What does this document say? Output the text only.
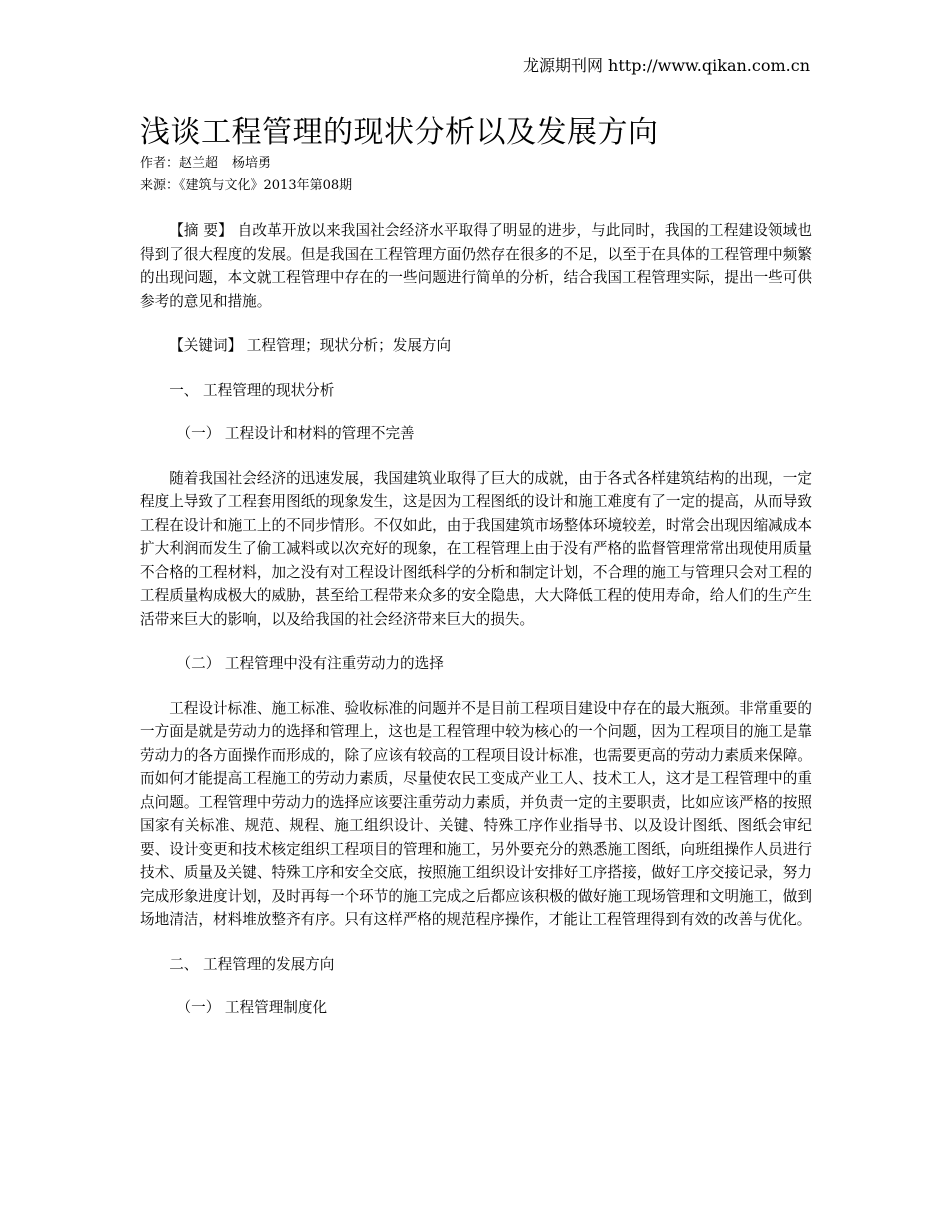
龙源期刊网 http://www.qikan.com.cn
浅谈工程管理的现状分析以及发展方向
作者：赵兰超 杨培勇
来源：《建筑与文化》2013年第08期

【摘 要】 自改革开放以来我国社会经济水平取得了明显的进步，与此同时，我国的工程建设领域也得到了很大程度的发展。但是我国在工程管理方面仍然存在很多的不足，以至于在具体的工程管理中频繁的出现问题，本文就工程管理中存在的一些问题进行简单的分析，结合我国工程管理实际，提出一些可供参考的意见和措施。

【关键词】 工程管理；现状分析；发展方向

一、 工程管理的现状分析

（一） 工程设计和材料的管理不完善

随着我国社会经济的迅速发展，我国建筑业取得了巨大的成就，由于各式各样建筑结构的出现，一定程度上导致了工程套用图纸的现象发生，这是因为工程图纸的设计和施工难度有了一定的提高，从而导致工程在设计和施工上的不同步情形。不仅如此，由于我国建筑市场整体环境较差，时常会出现因缩减成本扩大利润而发生了偷工减料或以次充好的现象，在工程管理上由于没有严格的监督管理常常出现使用质量不合格的工程材料，加之没有对工程设计图纸科学的分析和制定计划，不合理的施工与管理只会对工程的工程质量构成极大的威胁，甚至给工程带来众多的安全隐患，大大降低工程的使用寿命，给人们的生产生活带来巨大的影响，以及给我国的社会经济带来巨大的损失。

（二） 工程管理中没有注重劳动力的选择

工程设计标准、施工标准、验收标准的问题并不是目前工程项目建设中存在的最大瓶颈。非常重要的一方面是就是劳动力的选择和管理上，这也是工程管理中较为核心的一个问题，因为工程项目的施工是靠劳动力的各方面操作而形成的，除了应该有较高的工程项目设计标准，也需要更高的劳动力素质来保障。而如何才能提高工程施工的劳动力素质，尽量使农民工变成产业工人、技术工人，这才是工程管理中的重点问题。工程管理中劳动力的选择应该要注重劳动力素质，并负责一定的主要职责，比如应该严格的按照国家有关标准、规范、规程、施工组织设计、关键、特殊工序作业指导书、以及设计图纸、图纸会审纪要、设计变更和技术核定组织工程项目的管理和施工，另外要充分的熟悉施工图纸，向班组操作人员进行技术、质量及关键、特殊工序和安全交底，按照施工组织设计安排好工序搭接，做好工序交接记录，努力完成形象进度计划，及时再每一个环节的施工完成之后都应该积极的做好施工现场管理和文明施工，做到场地清洁，材料堆放整齐有序。只有这样严格的规范程序操作，才能让工程管理得到有效的改善与优化。

二、 工程管理的发展方向

（一） 工程管理制度化
